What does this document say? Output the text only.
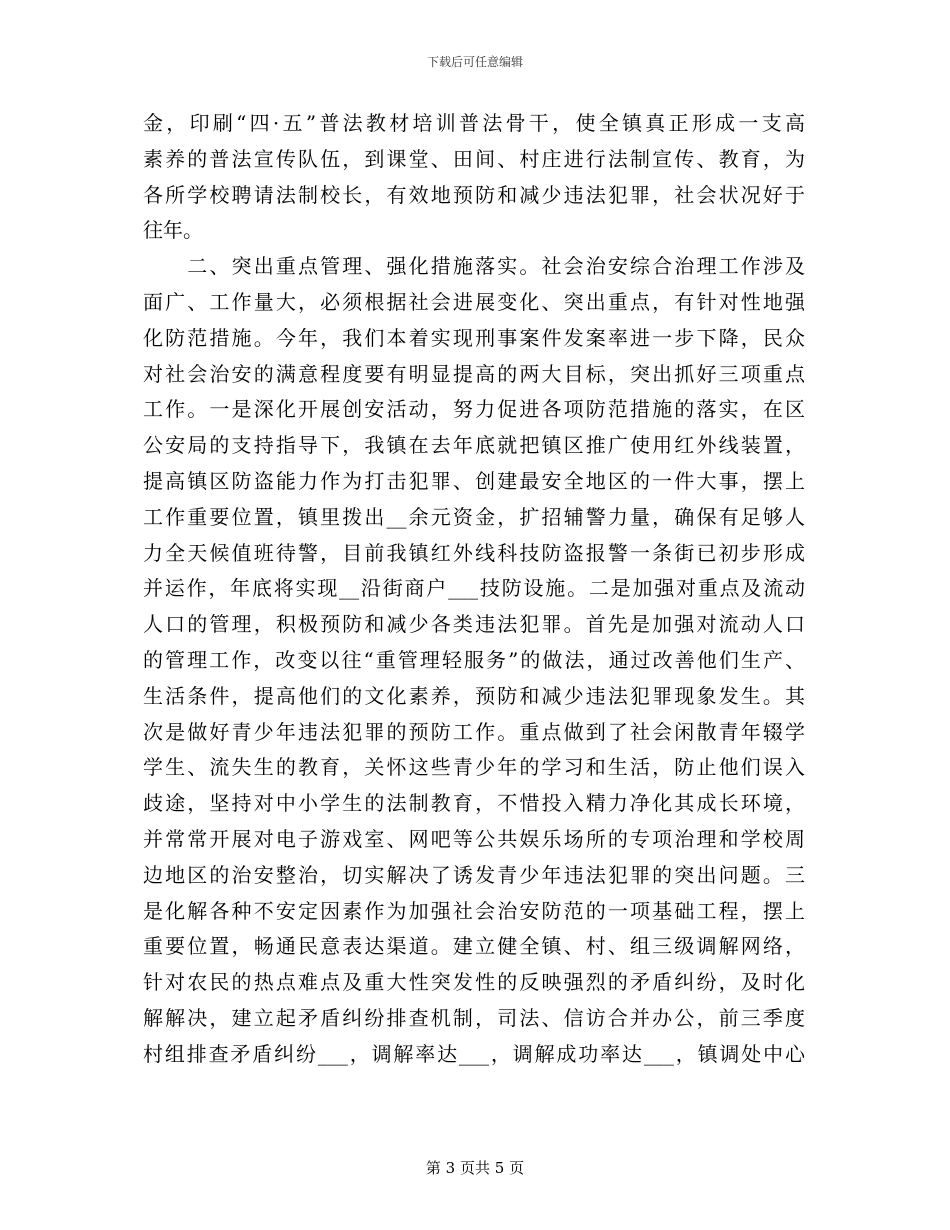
下载后可任意编辑
金，印刷“四·五”普法教材培训普法骨干，使全镇真正形成一支高
素养的普法宣传队伍，到课堂、田间、村庄进行法制宣传、教育，为
各所学校聘请法制校长，有效地预防和减少违法犯罪，社会状况好于
往年。
　　二、突出重点管理、强化措施落实。社会治安综合治理工作涉及
面广、工作量大，必须根据社会进展变化、突出重点，有针对性地强
化防范措施。今年，我们本着实现刑事案件发案率进一步下降，民众
对社会治安的满意程度要有明显提高的两大目标，突出抓好三项重点
工作。一是深化开展创安活动，努力促进各项防范措施的落实，在区
公安局的支持指导下，我镇在去年底就把镇区推广使用红外线装置，
提高镇区防盗能力作为打击犯罪、创建最安全地区的一件大事，摆上
工作重要位置，镇里拨出__余元资金，扩招辅警力量，确保有足够人
力全天候值班待警，目前我镇红外线科技防盗报警一条街已初步形成
并运作，年底将实现__沿街商户___技防设施。二是加强对重点及流动
人口的管理，积极预防和减少各类违法犯罪。首先是加强对流动人口
的管理工作，改变以往“重管理轻服务”的做法，通过改善他们生产、
生活条件，提高他们的文化素养，预防和减少违法犯罪现象发生。其
次是做好青少年违法犯罪的预防工作。重点做到了社会闲散青年辍学
学生、流失生的教育，关怀这些青少年的学习和生活，防止他们误入
歧途，坚持对中小学生的法制教育，不惜投入精力净化其成长环境，
并常常开展对电子游戏室、网吧等公共娱乐场所的专项治理和学校周
边地区的治安整治，切实解决了诱发青少年违法犯罪的突出问题。三
是化解各种不安定因素作为加强社会治安防范的一项基础工程，摆上
重要位置，畅通民意表达渠道。建立健全镇、村、组三级调解网络，
针对农民的热点难点及重大性突发性的反映强烈的矛盾纠纷，及时化
解解决，建立起矛盾纠纷排查机制，司法、信访合并办公，前三季度
村组排查矛盾纠纷___，调解率达___，调解成功率达___，镇调处中心
第 3 页共 5 页
